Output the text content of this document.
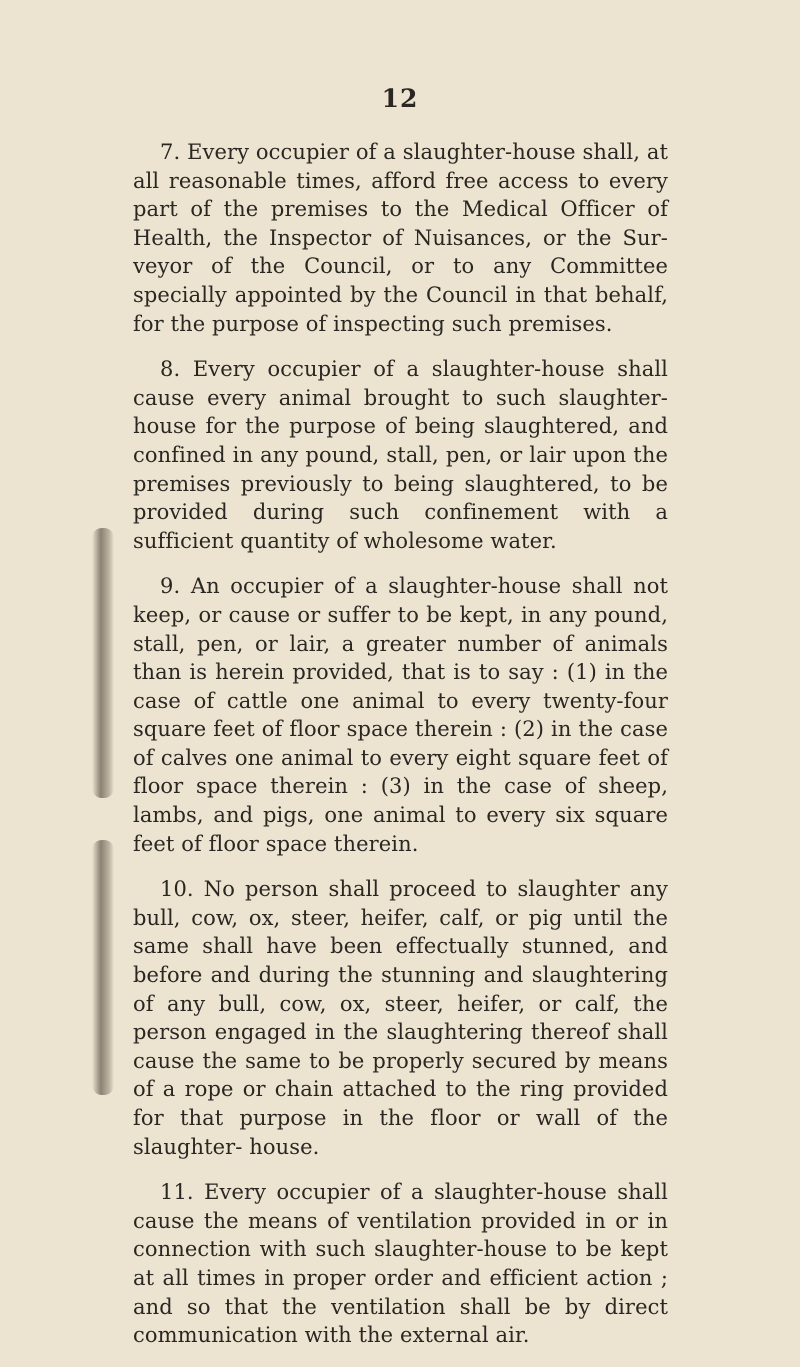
12

7. Every occupier of a slaughter-house shall, at all reasonable times, afford free access to every part of the premises to the Medical Officer of Health, the Inspector of Nuisances, or the Sur- veyor of the Council, or to any Committee specially appointed by the Council in that behalf, for the purpose of inspecting such premises.

8. Every occupier of a slaughter-house shall cause every animal brought to such slaughter- house for the purpose of being slaughtered, and confined in any pound, stall, pen, or lair upon the premises previously to being slaughtered, to be provided during such confinement with a sufficient quantity of wholesome water.

9. An occupier of a slaughter-house shall not keep, or cause or suffer to be kept, in any pound, stall, pen, or lair, a greater number of animals than is herein provided, that is to say : (1) in the case of cattle one animal to every twenty-four square feet of floor space therein : (2) in the case of calves one animal to every eight square feet of floor space therein : (3) in the case of sheep, lambs, and pigs, one animal to every six square feet of floor space therein.

10. No person shall proceed to slaughter any bull, cow, ox, steer, heifer, calf, or pig until the same shall have been effectually stunned, and before and during the stunning and slaughtering of any bull, cow, ox, steer, heifer, or calf, the person engaged in the slaughtering thereof shall cause the same to be properly secured by means of a rope or chain attached to the ring provided for that purpose in the floor or wall of the slaughter- house.

11. Every occupier of a slaughter-house shall cause the means of ventilation provided in or in connection with such slaughter-house to be kept at all times in proper order and efficient action ; and so that the ventilation shall be by direct communication with the external air.
